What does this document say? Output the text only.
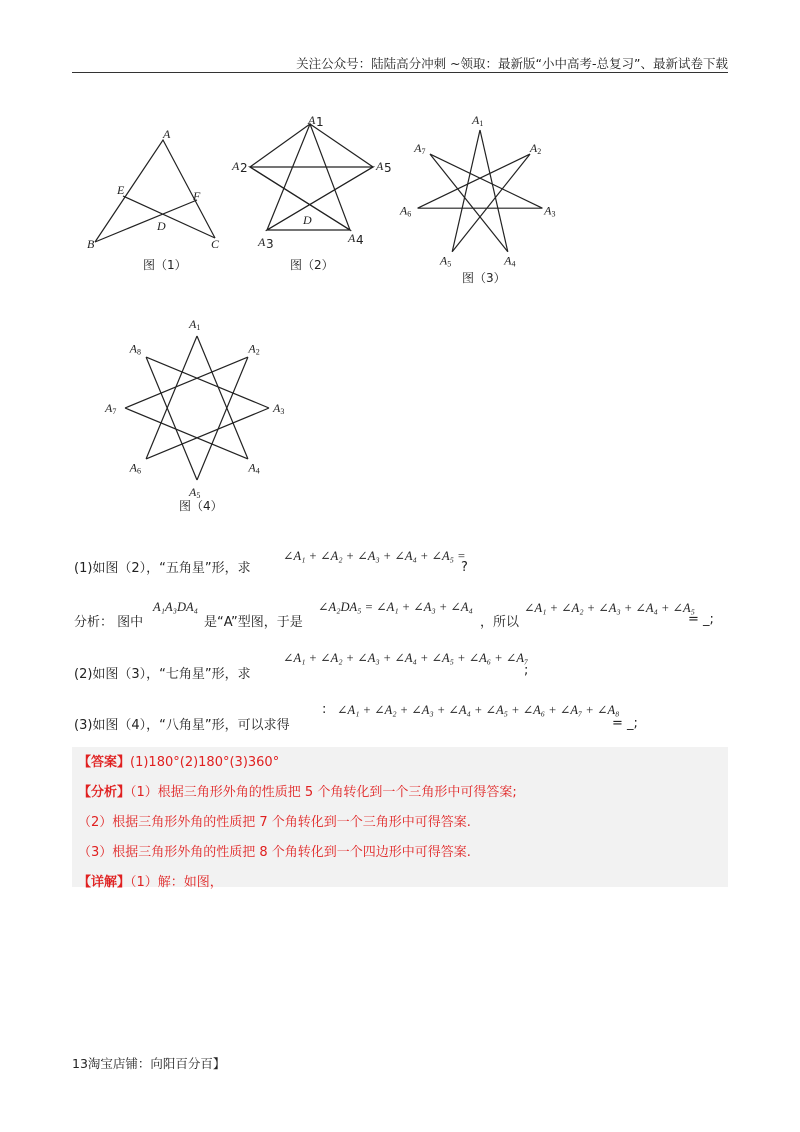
关注公众号：陆陆高分冲刺 ~领取：最新版“小中高考-总复习”、最新试卷下载
A
B	C
D
E	F
图（1）
A 1
A 2
A 3	A 4
A 5
D
图（2）
A1
A2
A3
A4
A5
A6
A7
图（3）
A1
A2
A3
A4
A5
A6
A7
A8
图（4）
(1)如图（2），“五角星”形，求
∠A₁ + ∠A₂ + ∠A₃ + ∠A₄ + ∠A₅ =
?
分析： 图中
A₁A₃DA₄
是“A”型图，于是
∠A₂DA₅ = ∠A₁ + ∠A₃ + ∠A₄
，所以
∠A₁ + ∠A₂ + ∠A₃ + ∠A₄ + ∠A₅
= _;
(2)如图（3），“七角星”形，求
∠A₁ + ∠A₂ + ∠A₃ + ∠A₄ + ∠A₅ + ∠A₆ + ∠A₇
;
(3)如图（4），“八角星”形，可以求得
: ∠A₁ + ∠A₂ + ∠A₃ + ∠A₄ + ∠A₅ + ∠A₆ + ∠A₇ + ∠A₈
= _;
【答案】(1)180°(2)180°(3)360°
【分析】（1）根据三角形外角的性质把 5 个角转化到一个三角形中可得答案;
（2）根据三角形外角的性质把 7 个角转化到一个三角形中可得答案.
（3）根据三角形外角的性质把 8 个角转化到一个四边形中可得答案.
【详解】（1）解：如图，
13淘宝店铺：向阳百分百】
